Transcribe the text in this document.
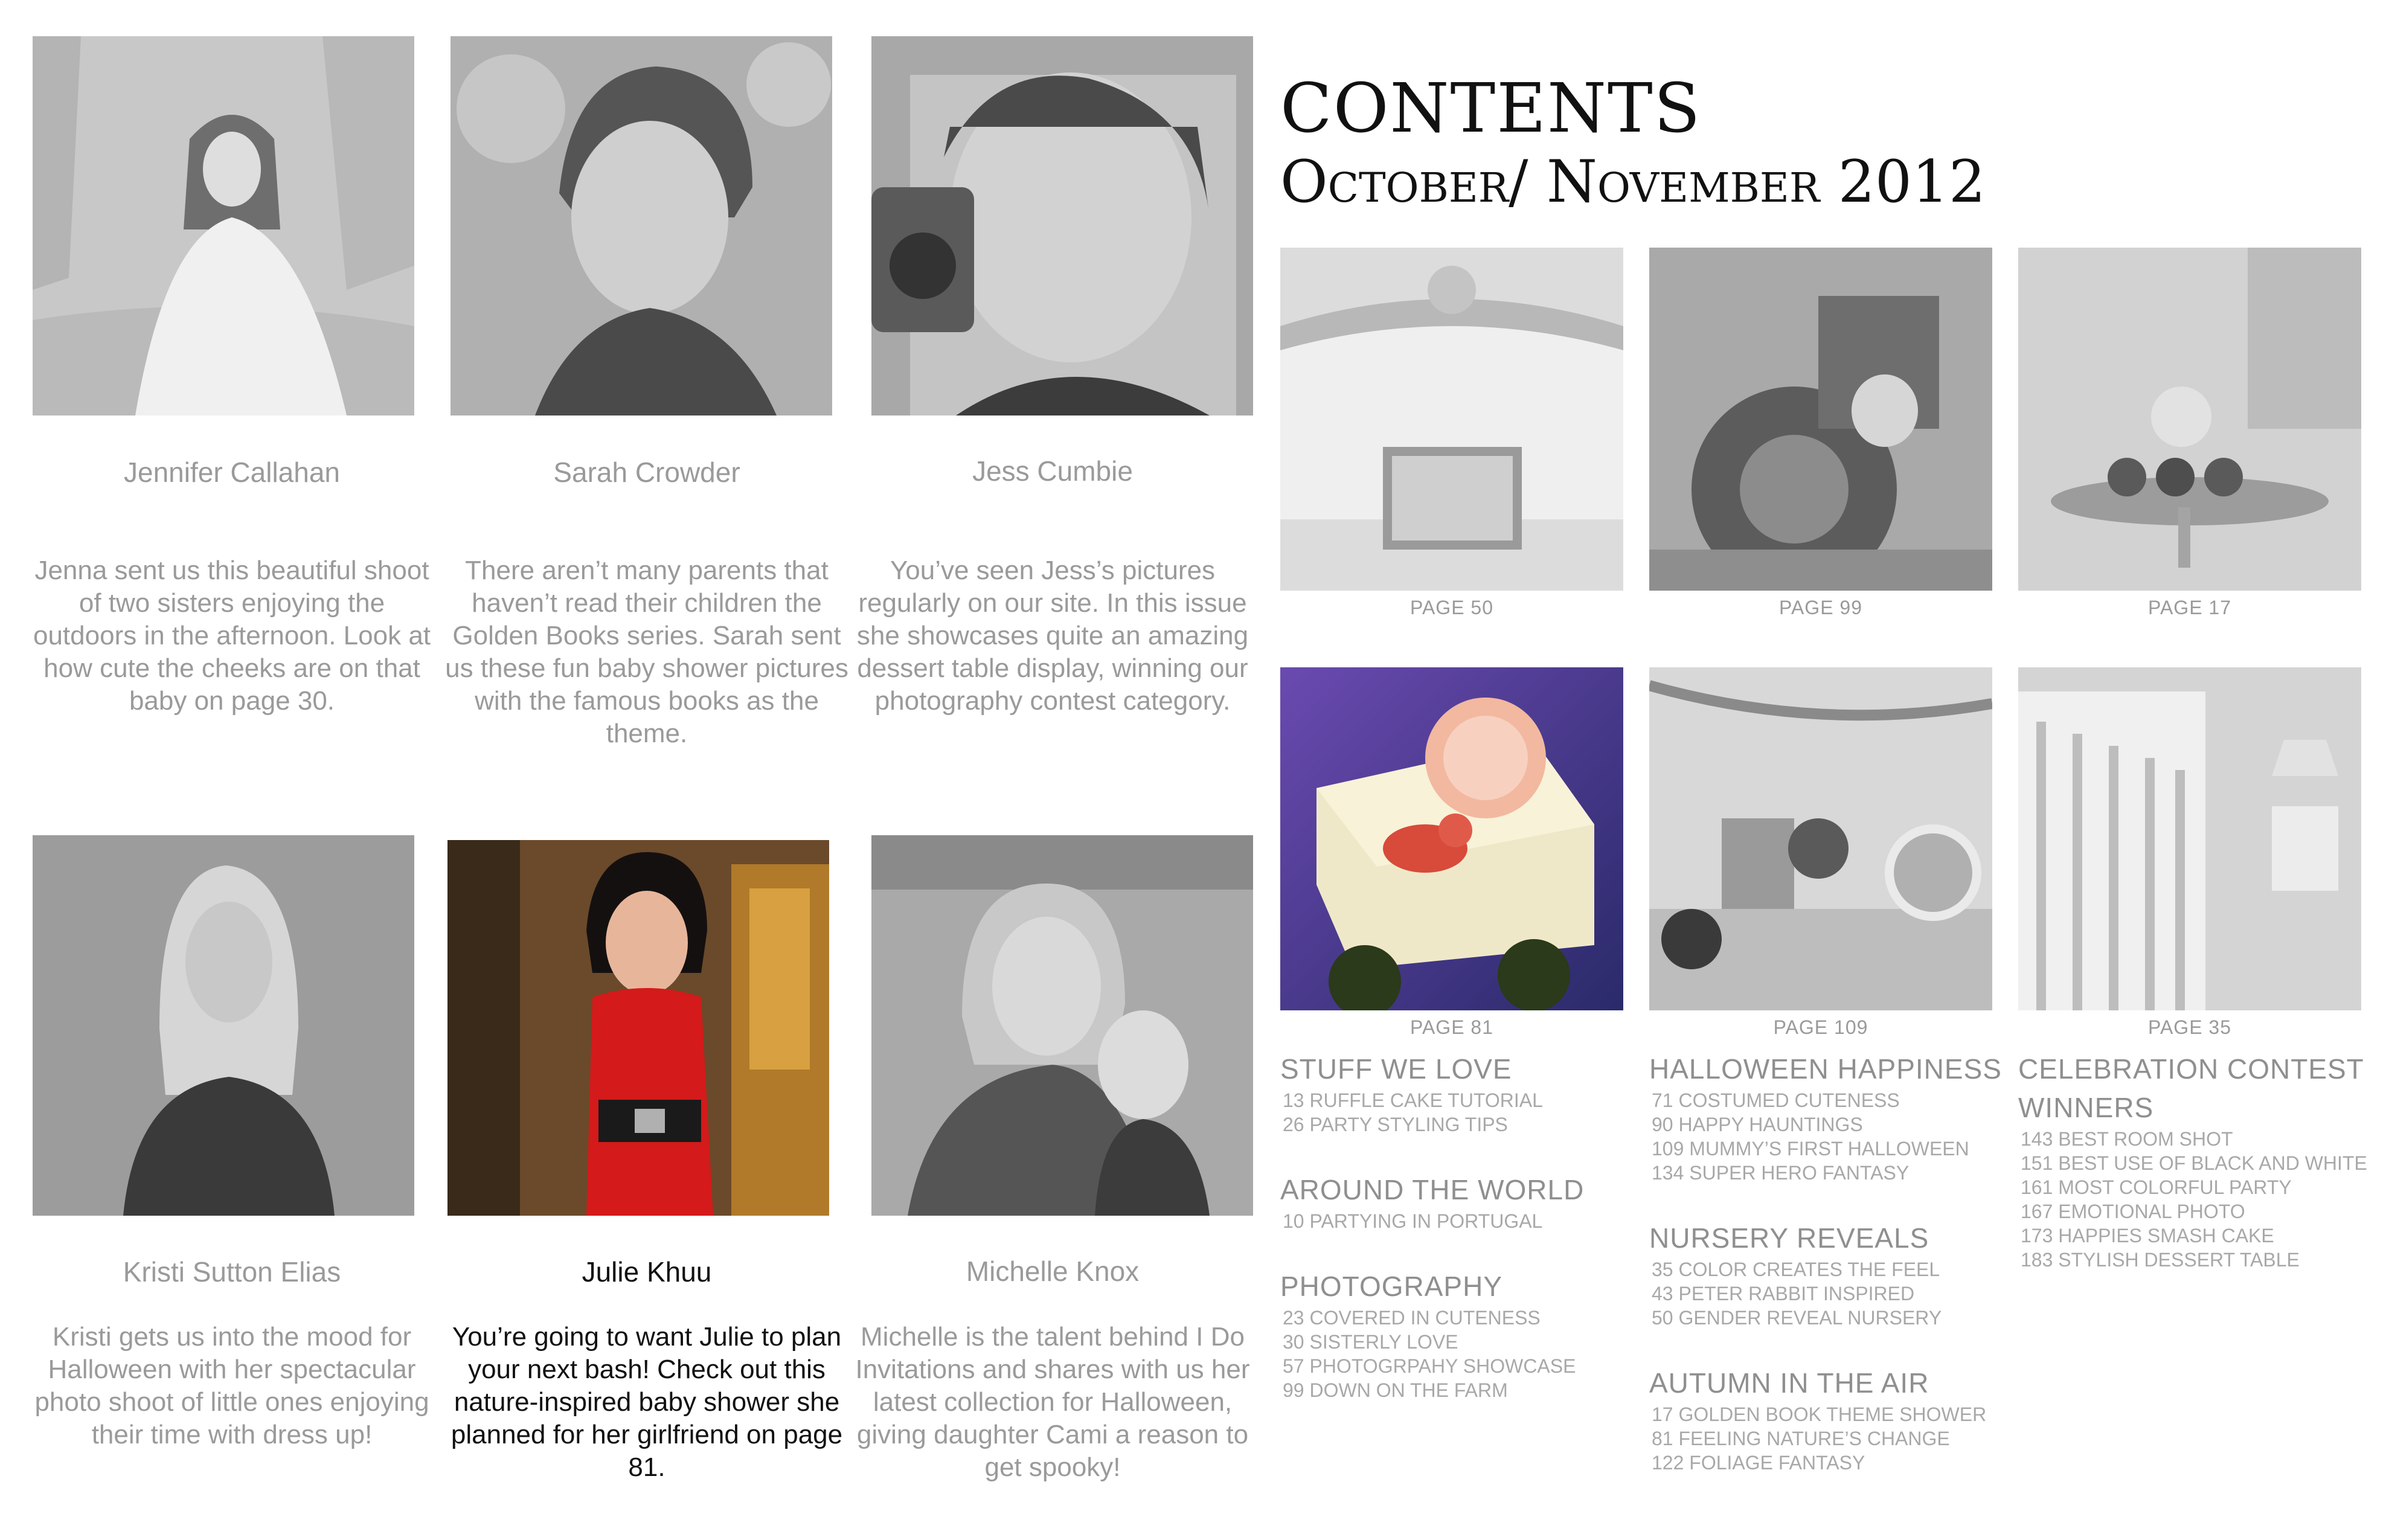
Jennifer Callahan	Sarah Crowder	Jess Cumbie
Jenna sent us this beautiful shoot of two sisters enjoying the outdoors in the afternoon. Look at how cute the cheeks are on that baby on page 30.
There aren’t many parents that haven’t read their children the Golden Books series. Sarah sent us these fun baby shower pictures with the famous books as the theme.
You’ve seen Jess’s pictures regularly on our site. In this issue she showcases quite an amazing dessert table display, winning our photography contest category.
Kristi Sutton Elias	Julie Khuu	Michelle Knox
Kristi gets us into the mood for Halloween with her spectacular photo shoot of little ones enjoying their time with dress up!
You’re going to want Julie to plan your next bash! Check out this nature-inspired baby shower she planned for her girlfriend on page 81.
Michelle is the talent behind I Do Invitations and shares with us her latest collection for Halloween, giving daughter Cami a reason to get spooky!
CONTENTS
October/ November 2012
PAGE 50	PAGE 99	PAGE 17
PAGE 81	PAGE 109	PAGE 35
STUFF WE LOVE

13 RUFFLE CAKE TUTORIAL

26 PARTY STYLING TIPS

AROUND THE WORLD

10 PARTYING IN PORTUGAL

PHOTOGRAPHY

23 COVERED IN CUTENESS

30 SISTERLY LOVE

57 PHOTOGRPAHY SHOWCASE

99 DOWN ON THE FARM

HALLOWEEN HAPPINESS

71 COSTUMED CUTENESS

90 HAPPY HAUNTINGS

109 MUMMY’S FIRST HALLOWEEN

134 SUPER HERO FANTASY

NURSERY REVEALS

35 COLOR CREATES THE FEEL

43 PETER RABBIT INSPIRED

50 GENDER REVEAL NURSERY

AUTUMN IN THE AIR

17 GOLDEN BOOK THEME SHOWER

81 FEELING NATURE’S CHANGE

122 FOLIAGE FANTASY

CELEBRATION CONTEST WINNERS

143 BEST ROOM SHOT

151 BEST USE OF BLACK AND WHITE

161 MOST COLORFUL PARTY

167 EMOTIONAL PHOTO

173 HAPPIES SMASH CAKE

183 STYLISH DESSERT TABLE
